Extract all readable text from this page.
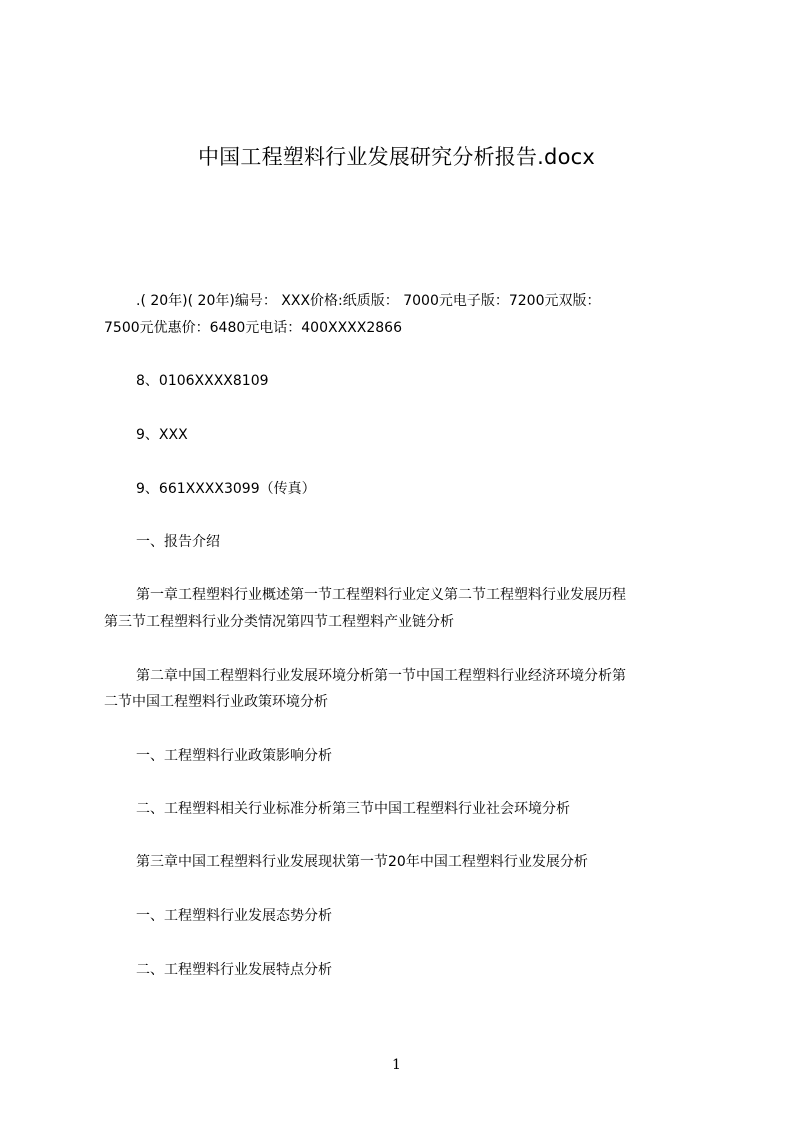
中国工程塑料行业发展研究分析报告.docx
.( 20年)( 20年)编号： XXX价格:纸质版： 7000元电子版：7200元双版：
7500元优惠价：6480元电话：400XXXX2866
8、0106XXXX8109
9、XXX
9、661XXXX3099（传真）
一、报告介绍
第一章工程塑料行业概述第一节工程塑料行业定义第二节工程塑料行业发展历程
第三节工程塑料行业分类情况第四节工程塑料产业链分析
第二章中国工程塑料行业发展环境分析第一节中国工程塑料行业经济环境分析第
二节中国工程塑料行业政策环境分析
一、工程塑料行业政策影响分析
二、工程塑料相关行业标准分析第三节中国工程塑料行业社会环境分析
第三章中国工程塑料行业发展现状第一节20年中国工程塑料行业发展分析
一、工程塑料行业发展态势分析
二、工程塑料行业发展特点分析
1
